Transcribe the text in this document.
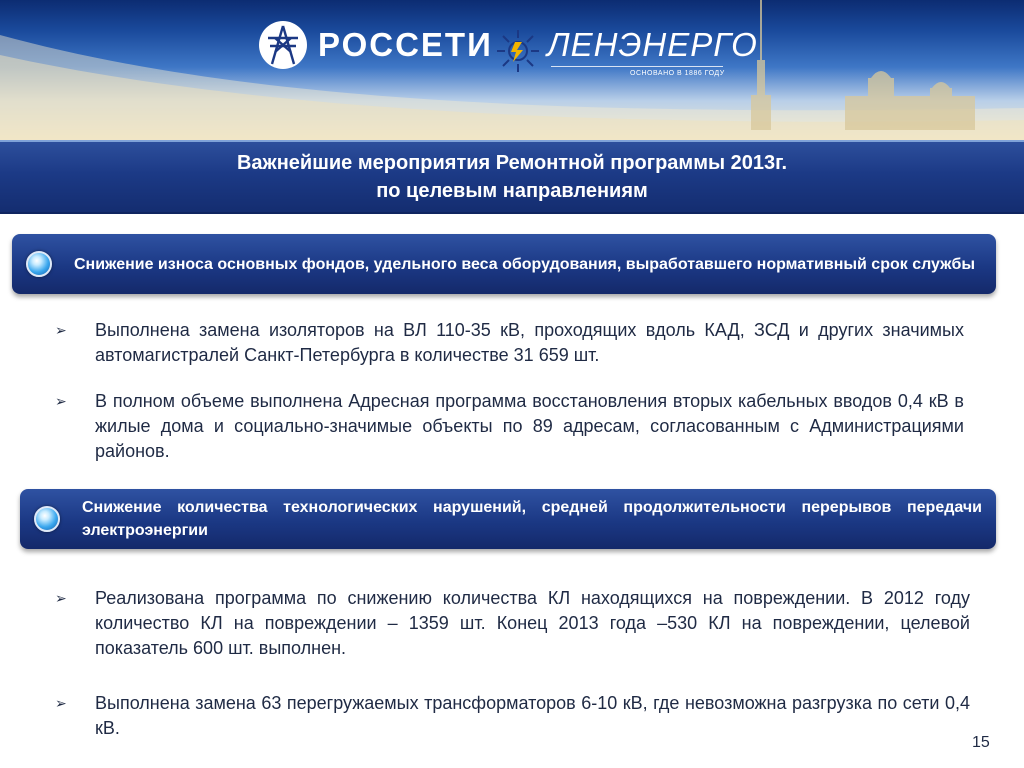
РОССЕТИ ЛЕНЭНЕРГО
ОСНОВАНО В 1886 ГОДУ
Важнейшие мероприятия Ремонтной программы 2013г.
по целевым направлениям
Снижение износа основных фондов, удельного веса оборудования, выработавшего нормативный срок службы
➢	Выполнена замена изоляторов на ВЛ 110-35 кВ, проходящих вдоль КАД, ЗСД и других значимых автомагистралей Санкт-Петербурга в количестве 31 659 шт.
➢	В полном объеме выполнена Адресная программа восстановления вторых кабельных вводов 0,4 кВ в жилые дома и социально-значимые объекты по 89 адресам, согласованным с Администрациями районов.
Снижение количества технологических нарушений, средней продолжительности перерывов передачи электроэнергии
➢	Реализована программа по снижению количества КЛ находящихся на повреждении. В 2012 году количество КЛ на повреждении – 1359 шт. Конец 2013 года –530 КЛ на повреждении, целевой показатель 600 шт. выполнен.
➢	Выполнена замена 63 перегружаемых трансформаторов 6-10 кВ, где невозможна разгрузка по сети 0,4 кВ.
15
